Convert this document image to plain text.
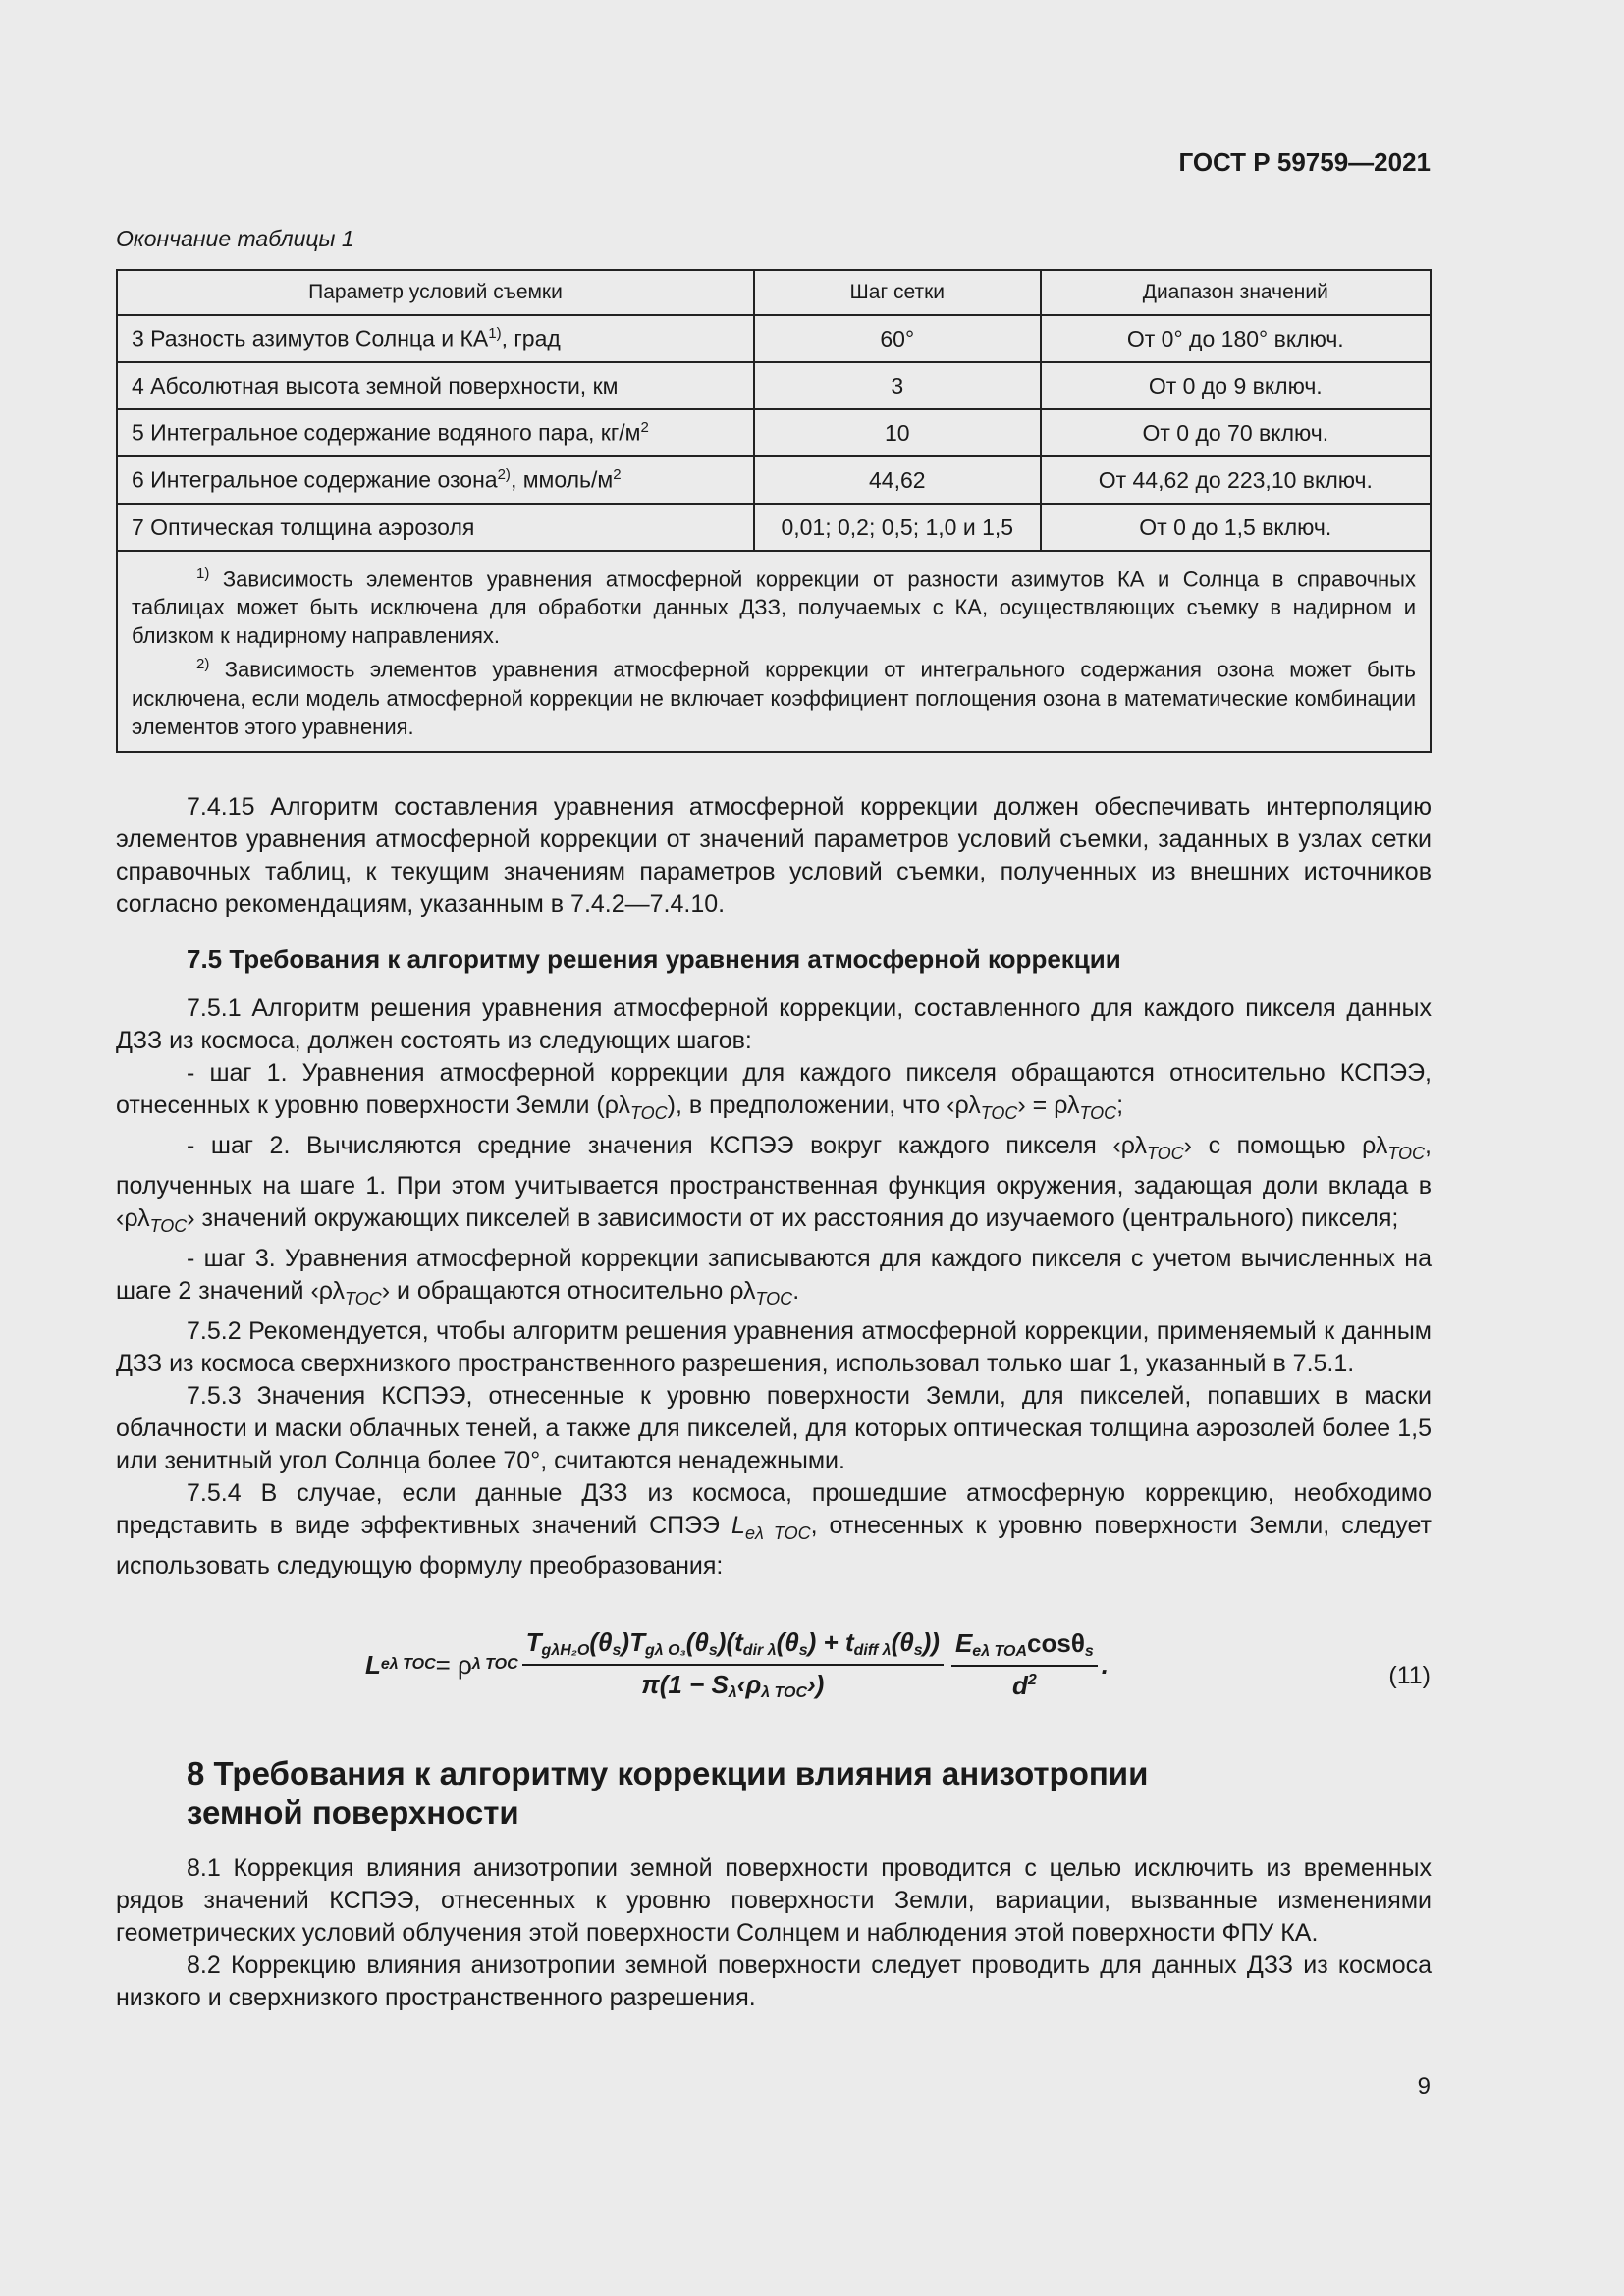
ГОСТ Р 59759—2021
Окончание таблицы 1
Параметр условий съемки	Шаг сетки	Диапазон значений
3 Разность азимутов Солнца и КА$^{1)}$, град	60°	От 0° до 180° включ.
4 Абсолютная высота земной поверхности, км	3	От 0 до 9 включ.
5 Интегральное содержание водяного пара, $кг/м^2$	10	От 0 до 70 включ.
6 Интегральное содержание озона$^{2)}$, ммоль/$м^2$	44,62	От 44,62 до 223,10 включ.
7 Оптическая толщина аэрозоля	0,01; 0,2; 0,5; 1,0 и 1,5	От 0 до 1,5 включ.

$^{1)}$ Зависимость элементов уравнения атмосферной коррекции от разности азимутов КА и Солнца в справочных таблицах может быть исключена для обработки данных ДЗЗ, получаемых с КА, осуществляющих съемку в надирном и близком к надирному направлениях.

$^{2)}$ Зависимость элементов уравнения атмосферной коррекции от интегрального содержания озона может быть исключена, если модель атмосферной коррекции не включает коэффициент поглощения озона в математические комбинации элементов этого уравнения.		

7.4.15 Алгоритм составления уравнения атмосферной коррекции должен обеспечивать интерполяцию элементов уравнения атмосферной коррекции от значений параметров условий съемки, заданных в узлах сетки справочных таблиц, к текущим значениям параметров условий съемки, полученных из внешних источников согласно рекомендациям, указанным в 7.4.2—7.4.10.

7.5 Требования к алгоритму решения уравнения атмосферной коррекции

7.5.1 Алгоритм решения уравнения атмосферной коррекции, составленного для каждого пикселя данных ДЗЗ из космоса, должен состоять из следующих шагов:

- шаг 1. Уравнения атмосферной коррекции для каждого пикселя обращаются относительно КСПЭЭ, отнесенных к уровню поверхности Земли $(\rho\lambda_{TOC})$, в предположении, что $‹\rho\lambda_{TOC}› = \rho\lambda_{TOC}$;

- шаг 2. Вычисляются средние значения КСПЭЭ вокруг каждого пикселя $‹\rho\lambda_{TOC}›$ с помощью $\rho\lambda_{TOC}$, полученных на шаге 1. При этом учитывается пространственная функция окружения, задающая доли вклада в $‹\rho\lambda_{TOC}›$ значений окружающих пикселей в зависимости от их расстояния до изучаемого (центрального) пикселя;

- шаг 3. Уравнения атмосферной коррекции записываются для каждого пикселя с учетом вычисленных на шаге 2 значений $‹\rho\lambda_{TOC}›$ и обращаются относительно $\rho\lambda_{TOC}$.

7.5.2 Рекомендуется, чтобы алгоритм решения уравнения атмосферной коррекции, применяемый к данным ДЗЗ из космоса сверхнизкого пространственного разрешения, использовал только шаг 1, указанный в 7.5.1.

7.5.3 Значения КСПЭЭ, отнесенные к уровню поверхности Земли, для пикселей, попавших в маски облачности и маски облачных теней, а также для пикселей, для которых оптическая толщина аэрозолей более 1,5 или зенитный угол Солнца более 70°, считаются ненадежными.

7.5.4 В случае, если данные ДЗЗ из космоса, прошедшие атмосферную коррекцию, необходимо представить в виде эффективных значений СПЭЭ $L_{e\lambda TOC}$, отнесенных к уровню поверхности Земли, следует использовать следующую формулу преобразования:

L eλ TOC = ρ λ TOC $\frac{\text{TgλH₂O(θs)Tgλ O₃(θs)(tdir λ(θs) + tdiff λ(θs))}}{\text{π(1 − Sλ‹ρλ TOC›)}} \frac{\text{Eeλ TOAcosθs}}{d^2}$ .	(11)
8 Требования к алгоритму коррекции влияния анизотропии
земной поверхности

8.1 Коррекция влияния анизотропии земной поверхности проводится с целью исключить из временных рядов значений КСПЭЭ, отнесенных к уровню поверхности Земли, вариации, вызванные изменениями геометрических условий облучения этой поверхности Солнцем и наблюдения этой поверхности ФПУ КА.

8.2 Коррекцию влияния анизотропии земной поверхности следует проводить для данных ДЗЗ из космоса низкого и сверхнизкого пространственного разрешения.

9
